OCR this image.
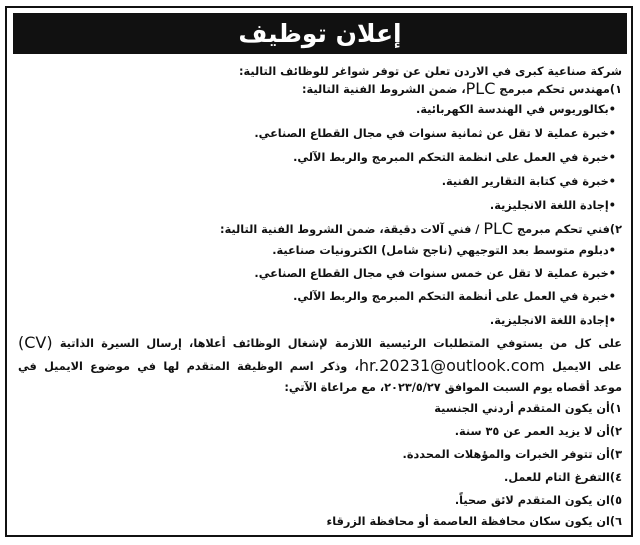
إعلان توظيف
شركة صناعية كبرى في الاردن تعلن عن توفر شواغر للوظائف التالية:
١)مهندس تحكم مبرمج PLC، ضمن الشروط الفنية التالية:
•بكالوريوس في الهندسة الكهربائية.
•خبرة عملية لا تقل عن ثمانية سنوات في مجال القطاع الصناعي.
•خبرة في العمل على انظمة التحكم المبرمج والربط الآلي.
•خبرة في كتابة التقارير الفنية.
•إجادة اللغة الانجليزية.
٢)فني تحكم مبرمج PLC / فني آلات دقيقة، ضمن الشروط الفنية التالية:
•دبلوم متوسط بعد التوجيهي (ناجح شامل) الكترونيات صناعية.
•خبرة عملية لا تقل عن خمس سنوات في مجال القطاع الصناعي.
•خبرة في العمل على أنظمة التحكم المبرمج والربط الآلي.
•إجادة اللغة الانجليزية.
على كل من يستوفي المتطلبات الرئيسية اللازمة لإشغال الوظائف أعلاها، إرسال السيرة الذاتية (CV)
على الايميل hr.20231@outlook.com، وذكر اسم الوظيفة المتقدم لها في موضوع الايميل في
موعد أقصاه يوم السبت الموافق ٢٠٢٣/٥/٢٧، مع مراعاة الآتي:
١)أن يكون المتقدم أردني الجنسية
٢)أن لا يزيد العمر عن ٣٥ سنة.
٣)أن تتوفر الخبرات والمؤهلات المحددة.
٤)التفرغ التام للعمل.
٥)ان يكون المتقدم لائق صحياً.
٦)ان يكون سكان محافظة العاصمة أو محافظة الزرقاء
